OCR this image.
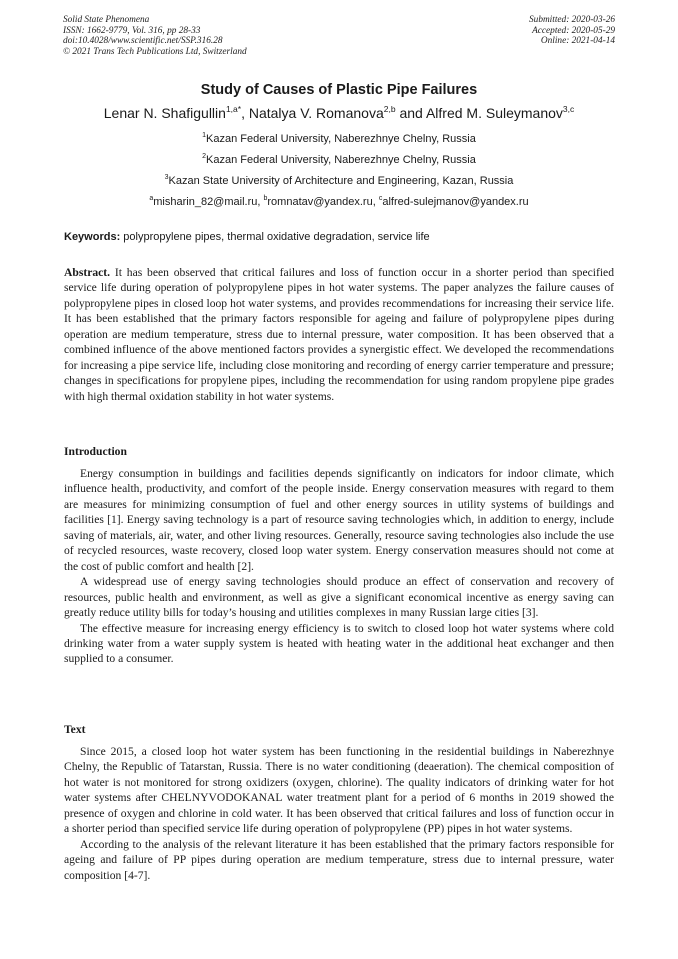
Solid State Phenomena
ISSN: 1662-9779, Vol. 316, pp 28-33
doi:10.4028/www.scientific.net/SSP.316.28
© 2021 Trans Tech Publications Ltd, Switzerland
Submitted: 2020-03-26
Accepted: 2020-05-29
Online: 2021-04-14
Study of Causes of Plastic Pipe Failures
Lenar N. Shafigullin$^{1,a*}$, Natalya V. Romanova$^{2,b}$ and Alfred M. Suleymanov$^{3,c}$
$^1$Kazan Federal University, Naberezhnye Chelny, Russia
$^2$Kazan Federal University, Naberezhnye Chelny, Russia
$^3$Kazan State University of Architecture and Engineering, Kazan, Russia
$^a$misharin_82@mail.ru, $^b$romnatav@yandex.ru, $^c$alfred-sulejmanov@yandex.ru
Keywords: polypropylene pipes, thermal oxidative degradation, service life

Abstract. It has been observed that critical failures and loss of function occur in a shorter period than specified service life during operation of polypropylene pipes in hot water systems. The paper analyzes the failure causes of polypropylene pipes in closed loop hot water systems, and provides recommendations for increasing their service life. It has been established that the primary factors responsible for ageing and failure of polypropylene pipes during operation are medium temperature, stress due to internal pressure, water composition. It has been observed that a combined influence of the above mentioned factors provides a synergistic effect. We developed the recommendations for increasing a pipe service life, including close monitoring and recording of energy carrier temperature and pressure; changes in specifications for propylene pipes, including the recommendation for using random propylene pipe grades with high thermal oxidation stability in hot water systems.

Introduction

Energy consumption in buildings and facilities depends significantly on indicators for indoor climate, which influence health, productivity, and comfort of the people inside. Energy conservation measures with regard to them are measures for minimizing consumption of fuel and other energy sources in utility systems of buildings and facilities [1]. Energy saving technology is a part of resource saving technologies which, in addition to energy, include saving of materials, air, water, and other living resources. Generally, resource saving technologies also include the use of recycled resources, waste recovery, closed loop water system. Energy conservation measures should not come at the cost of public comfort and health [2].

A widespread use of energy saving technologies should produce an effect of conservation and recovery of resources, public health and environment, as well as give a significant economical incentive as energy saving can greatly reduce utility bills for today’s housing and utilities complexes in many Russian large cities [3].

The effective measure for increasing energy efficiency is to switch to closed loop hot water systems where cold drinking water from a water supply system is heated with heating water in the additional heat exchanger and then supplied to a consumer.

Text

Since 2015, a closed loop hot water system has been functioning in the residential buildings in Naberezhnye Chelny, the Republic of Tatarstan, Russia. There is no water conditioning (deaeration). The chemical composition of hot water is not monitored for strong oxidizers (oxygen, chlorine). The quality indicators of drinking water for hot water systems after CHELNYVODOKANAL water treatment plant for a period of 6 months in 2019 showed the presence of oxygen and chlorine in cold water. It has been observed that critical failures and loss of function occur in a shorter period than specified service life during operation of polypropylene (PP) pipes in hot water systems.

According to the analysis of the relevant literature it has been established that the primary factors responsible for ageing and failure of PP pipes during operation are medium temperature, stress due to internal pressure, water composition [4-7].
